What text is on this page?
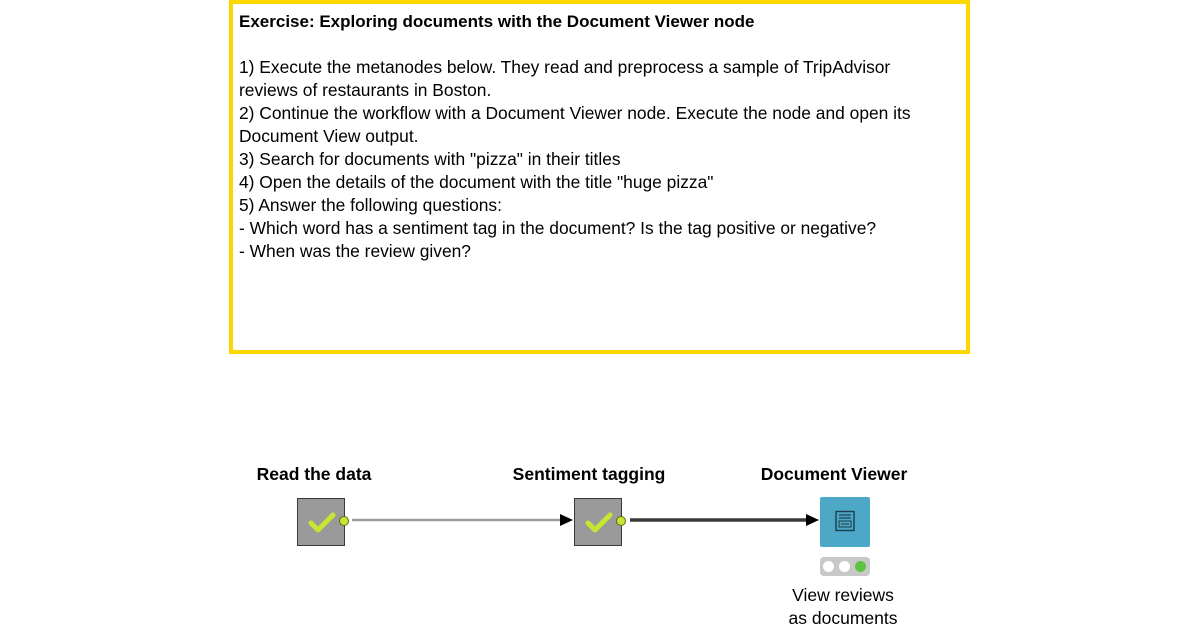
Exercise: Exploring documents with the Document Viewer node
1) Execute the metanodes below. They read and preprocess a sample of TripAdvisor
reviews of restaurants in Boston.
2) Continue the workflow with a Document Viewer node. Execute the node and open its
Document View output.
3) Search for documents with "pizza" in their titles
4) Open the details of the document with the title "huge pizza"
5) Answer the following questions:
- Which word has a sentiment tag in the document? Is the tag positive or negative?
- When was the review given?
Read the data	Sentiment tagging	Document Viewer
View reviews
as documents
